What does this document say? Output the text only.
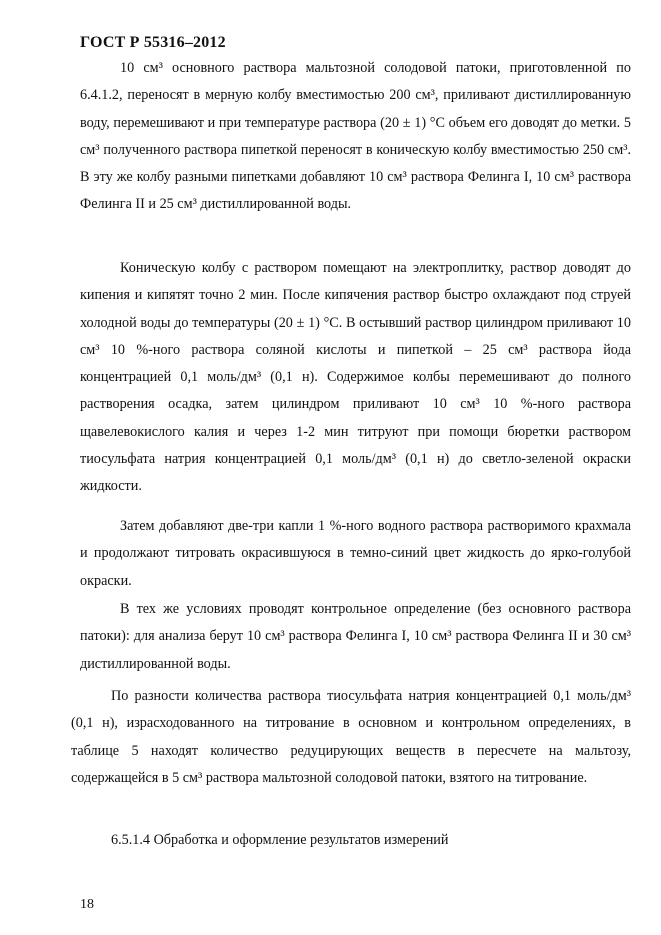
ГОСТ Р 55316–2012

10 см³ основного раствора мальтозной солодовой патоки, приготовленной по 6.4.1.2, переносят в мерную колбу вместимостью 200 см³, приливают дистиллированную воду, перемешивают и при температуре раствора (20 ± 1) °С объем его доводят до метки. 5 см³ полученного раствора пипеткой переносят в коническую колбу вместимостью 250 см³. В эту же колбу разными пипетками добавляют 10 см³ раствора Фелинга I, 10 см³ раствора Фелинга II и 25 см³ дистиллированной воды.

Коническую колбу с раствором помещают на электроплитку, раствор доводят до кипения и кипятят точно 2 мин. После кипячения раствор быстро охлаждают под струей холодной воды до температуры (20 ± 1) °С. В остывший раствор цилиндром приливают 10 см³ 10 %-ного раствора соляной кислоты и пипеткой – 25 см³ раствора йода концентрацией 0,1 моль/дм³ (0,1 н). Содержимое колбы перемешивают до полного растворения осадка, затем цилиндром приливают 10 см³ 10 %-ного раствора щавелевокислого калия и через 1-2 мин титруют при помощи бюретки раствором тиосульфата натрия концентрацией 0,1 моль/дм³ (0,1 н) до светло-зеленой окраски жидкости.

Затем добавляют две-три капли 1 %-ного водного раствора растворимого крахмала и продолжают титровать окрасившуюся в темно-синий цвет жидкость до ярко-голубой окраски.

В тех же условиях проводят контрольное определение (без основного раствора патоки): для анализа берут 10 см³ раствора Фелинга I, 10 см³ раствора Фелинга II и 30 см³ дистиллированной воды.

По разности количества раствора тиосульфата натрия концентрацией 0,1 моль/дм³ (0,1 н), израсходованного на титрование в основном и контрольном определениях, в таблице 5 находят количество редуцирующих веществ в пересчете на мальтозу, содержащейся в 5 см³ раствора мальтозной солодовой патоки, взятого на титрование.

6.5.1.4 Обработка и оформление результатов измерений

18
